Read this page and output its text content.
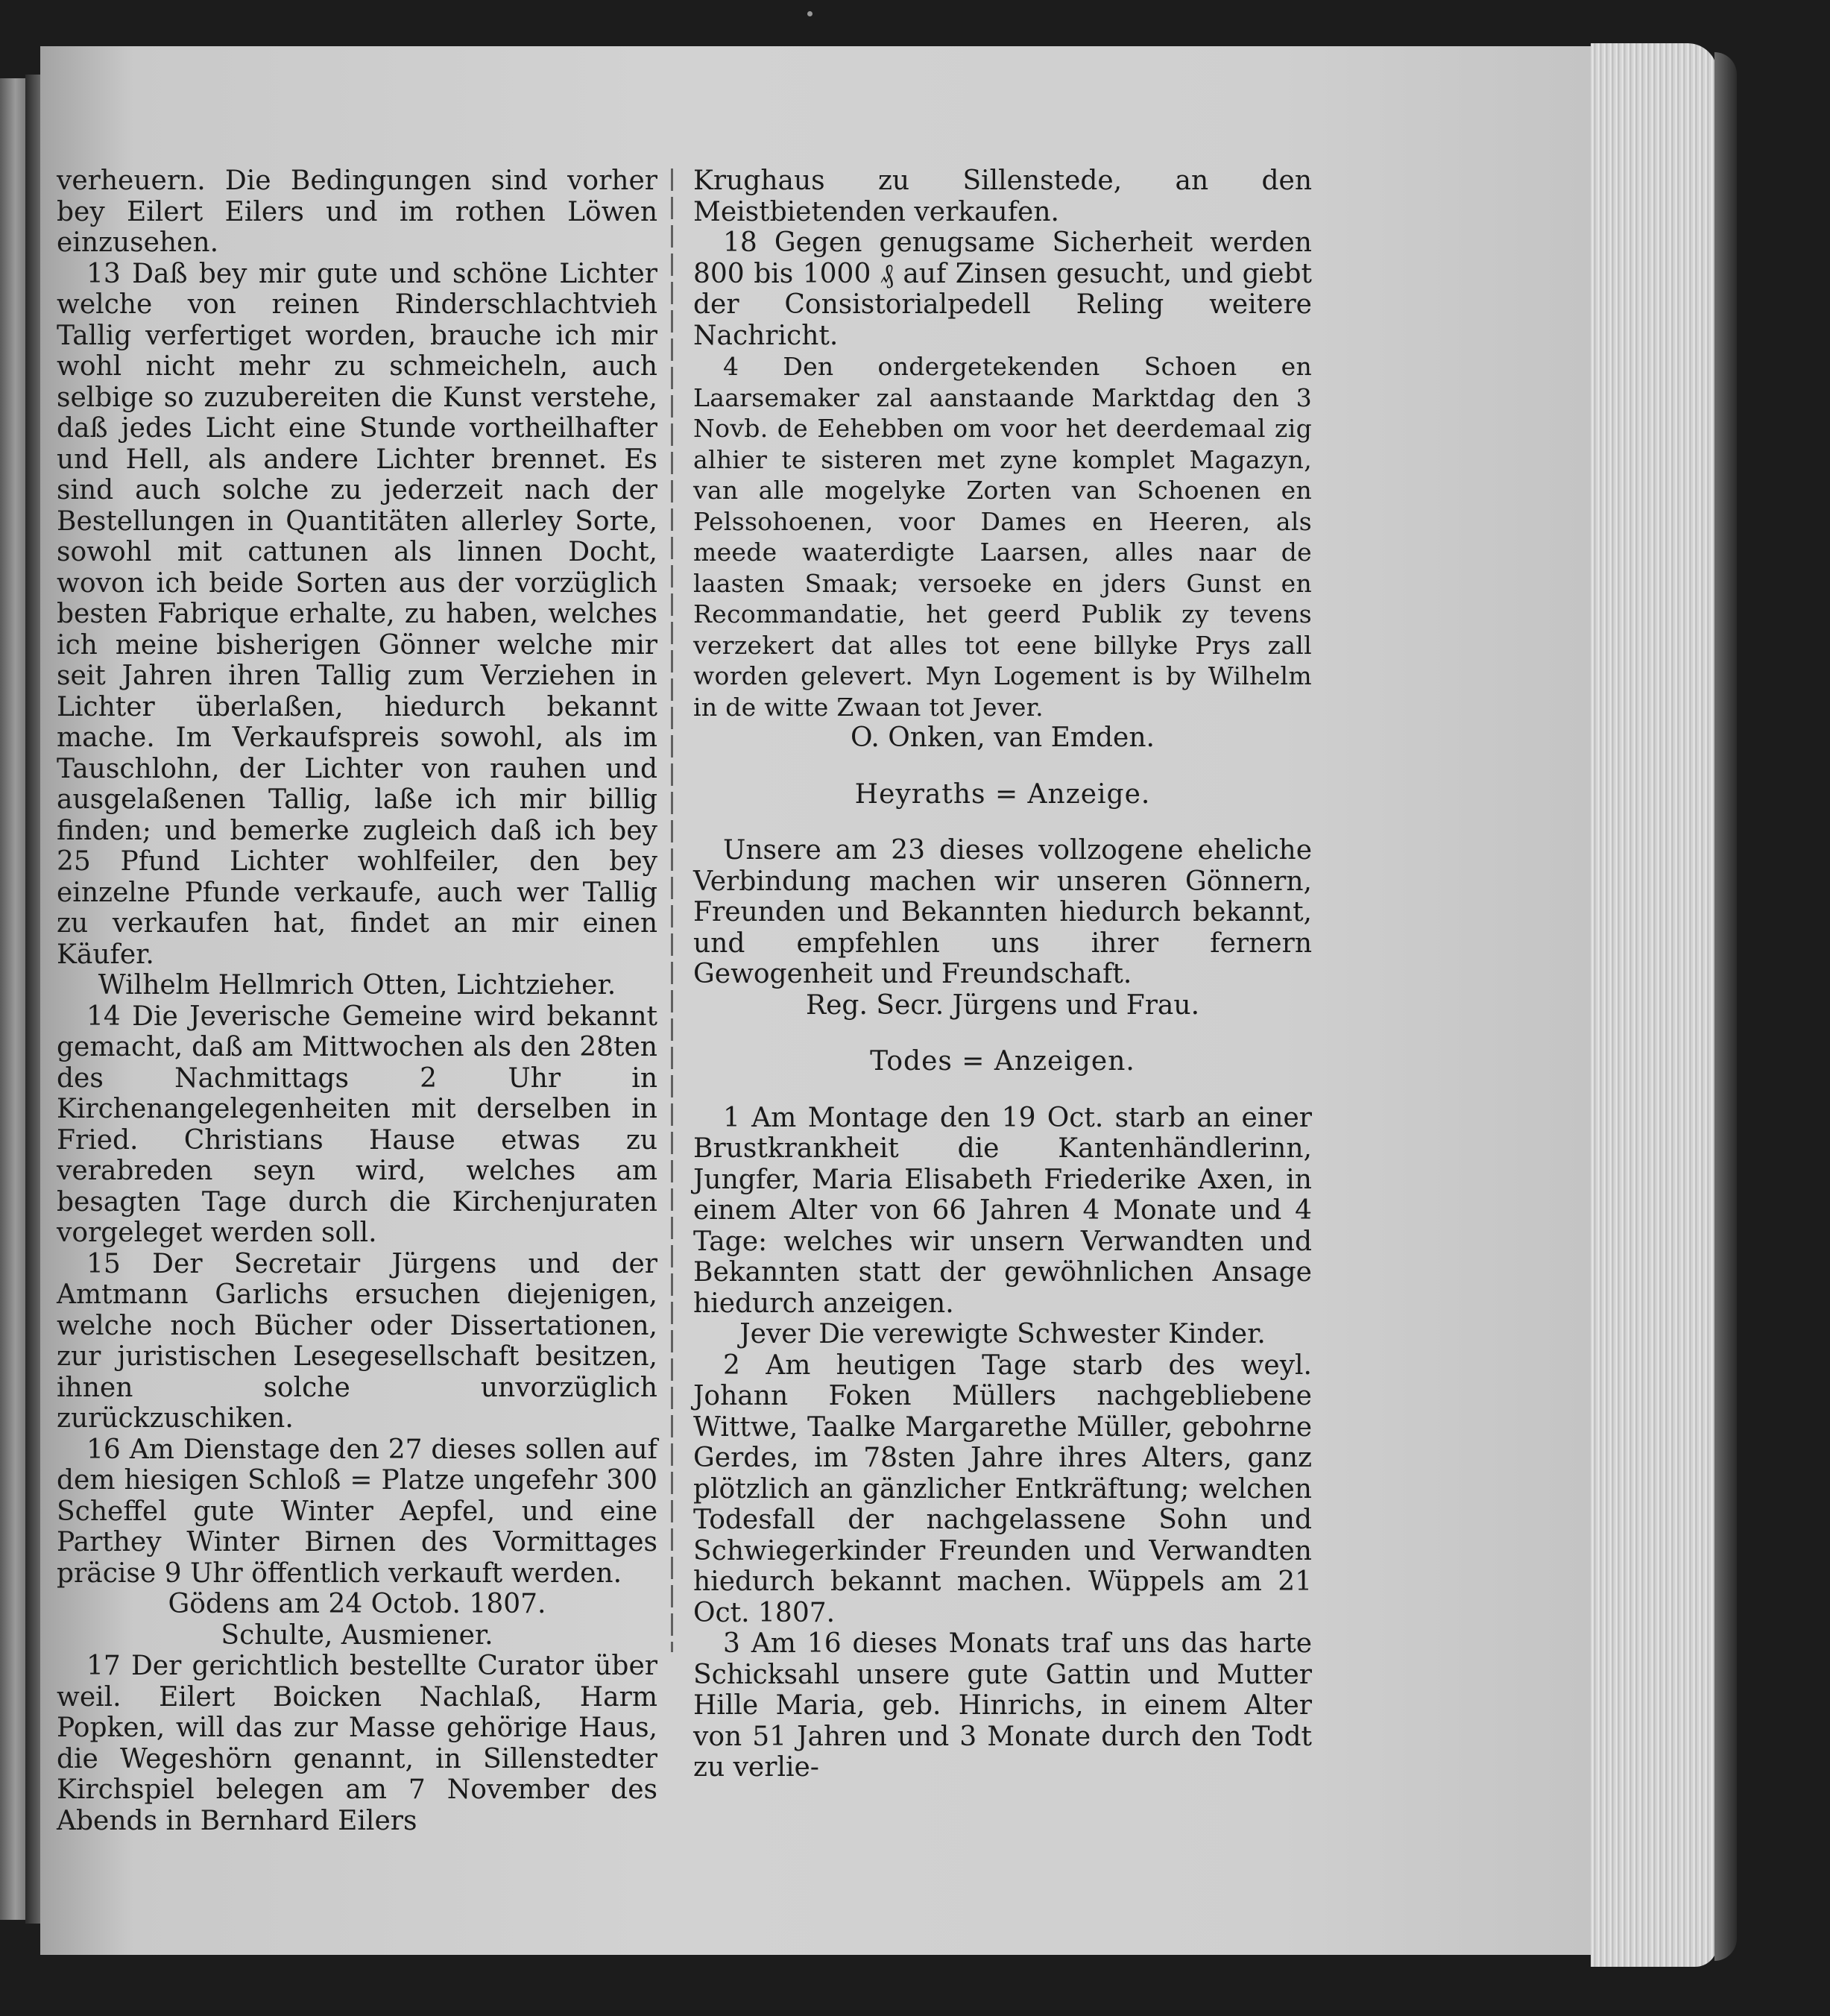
verheuern. Die Bedingungen sind vorher bey Eilert Eilers und im rothen Löwen einzusehen.

13 Daß bey mir gute und schöne Lichter welche von reinen Rinderschlachtvieh Tallig verfertiget worden, brauche ich mir wohl nicht mehr zu schmeicheln, auch selbige so zuzubereiten die Kunst verstehe, daß jedes Licht eine Stunde vortheilhafter und Hell, als andere Lichter brennet. Es sind auch solche zu jederzeit nach der Bestellungen in Quantitäten allerley Sorte, sowohl mit cattunen als linnen Docht, wovon ich beide Sorten aus der vorzüglich besten Fabrique erhalte, zu haben, welches ich meine bisherigen Gönner welche mir seit Jahren ihren Tallig zum Verziehen in Lichter überlaßen, hiedurch bekannt mache. Im Verkaufspreis sowohl, als im Tauschlohn, der Lichter von rauhen und ausgelaßenen Tallig, laße ich mir billig finden; und bemerke zugleich daß ich bey 25 Pfund Lichter wohlfeiler, den bey einzelne Pfunde verkaufe, auch wer Tallig zu verkaufen hat, findet an mir einen Käufer.

Wilhelm Hellmrich Otten, Lichtzieher.

14 Die Jeverische Gemeine wird bekannt gemacht, daß am Mittwochen als den 28ten des Nachmittags 2 Uhr in Kirchenangelegenheiten mit derselben in Fried. Christians Hause etwas zu verabreden seyn wird, welches am besagten Tage durch die Kirchenjuraten vorgeleget werden soll.

15 Der Secretair Jürgens und der Amtmann Garlichs ersuchen diejenigen, welche noch Bücher oder Dissertationen, zur juristischen Lesegesellschaft besitzen, ihnen solche unvorzüglich zurückzuschiken.

16 Am Dienstage den 27 dieses sollen auf dem hiesigen Schloß = Platze ungefehr 300 Scheffel gute Winter Aepfel, und eine Parthey Winter Birnen des Vormittages präcise 9 Uhr öffentlich verkauft werden.

Gödens am 24 Octob. 1807.

Schulte, Ausmiener.

17 Der gerichtlich bestellte Curator über weil. Eilert Boicken Nachlaß, Harm Popken, will das zur Masse gehörige Haus, die Wegeshörn genannt, in Sillenstedter Kirchspiel belegen am 7 November des Abends in Bernhard Eilers

Krughaus zu Sillenstede, an den Meistbietenden verkaufen.

18 Gegen genugsame Sicherheit werden 800 bis 1000 ₰ auf Zinsen gesucht, und giebt der Consistorialpedell Reling weitere Nachricht.

4 Den ondergetekenden Schoen en Laarsemaker zal aanstaande Marktdag den 3 Novb. de Eehebben om voor het deerdemaal zig alhier te sisteren met zyne komplet Magazyn, van alle mogelyke Zorten van Schoenen en Pelssohoenen, voor Dames en Heeren, als meede waaterdigte Laarsen, alles naar de laasten Smaak; versoeke en jders Gunst en Recommandatie, het geerd Publik zy tevens verzekert dat alles tot eene billyke Prys zall worden gelevert. Myn Logement is by Wilhelm in de witte Zwaan tot Jever.

O. Onken, van Emden.

Heyraths = Anzeige.

Unsere am 23 dieses vollzogene eheliche Verbindung machen wir unseren Gönnern, Freunden und Bekannten hiedurch bekannt, und empfehlen uns ihrer fernern Gewogenheit und Freundschaft.

Reg. Secr. Jürgens und Frau.

Todes = Anzeigen.

1 Am Montage den 19 Oct. starb an einer Brustkrankheit die Kantenhändlerinn, Jungfer, Maria Elisabeth Friederike Axen, in einem Alter von 66 Jahren 4 Monate und 4 Tage: welches wir unsern Verwandten und Bekannten statt der gewöhnlichen Ansage hiedurch anzeigen.

Jever Die verewigte Schwester Kinder.

2 Am heutigen Tage starb des weyl. Johann Foken Müllers nachgebliebene Wittwe, Taalke Margarethe Müller, gebohrne Gerdes, im 78sten Jahre ihres Alters, ganz plötzlich an gänzlicher Entkräftung; welchen Todesfall der nachgelassene Sohn und Schwiegerkinder Freunden und Verwandten hiedurch bekannt machen. Wüppels am 21 Oct. 1807.

3 Am 16 dieses Monats traf uns das harte Schicksahl unsere gute Gattin und Mutter Hille Maria, geb. Hinrichs, in einem Alter von 51 Jahren und 3 Monate durch den Todt zu verlie-
